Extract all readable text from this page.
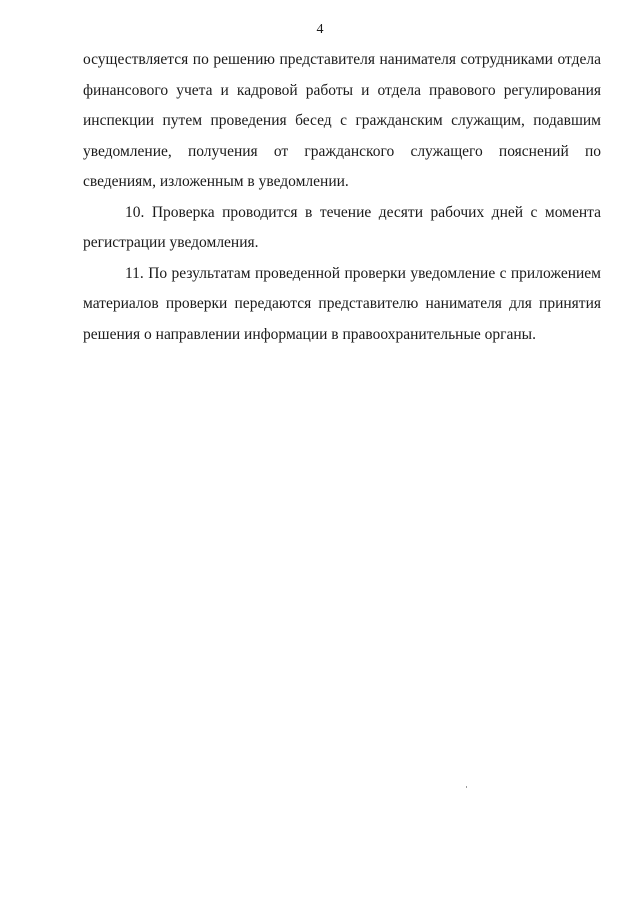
4

осуществляется по решению представителя нанимателя сотрудниками отдела финансового учета и кадровой работы и отдела правового регулирования инспекции путем проведения бесед с гражданским служащим, подавшим уведомление, получения от гражданского служащего пояснений по сведениям, изложенным в уведомлении.

10. Проверка проводится в течение десяти рабочих дней с момента регистрации уведомления.

11. По результатам проведенной проверки уведомление с приложением материалов проверки передаются представителю нанимателя для принятия решения о направлении информации в правоохранительные органы.
